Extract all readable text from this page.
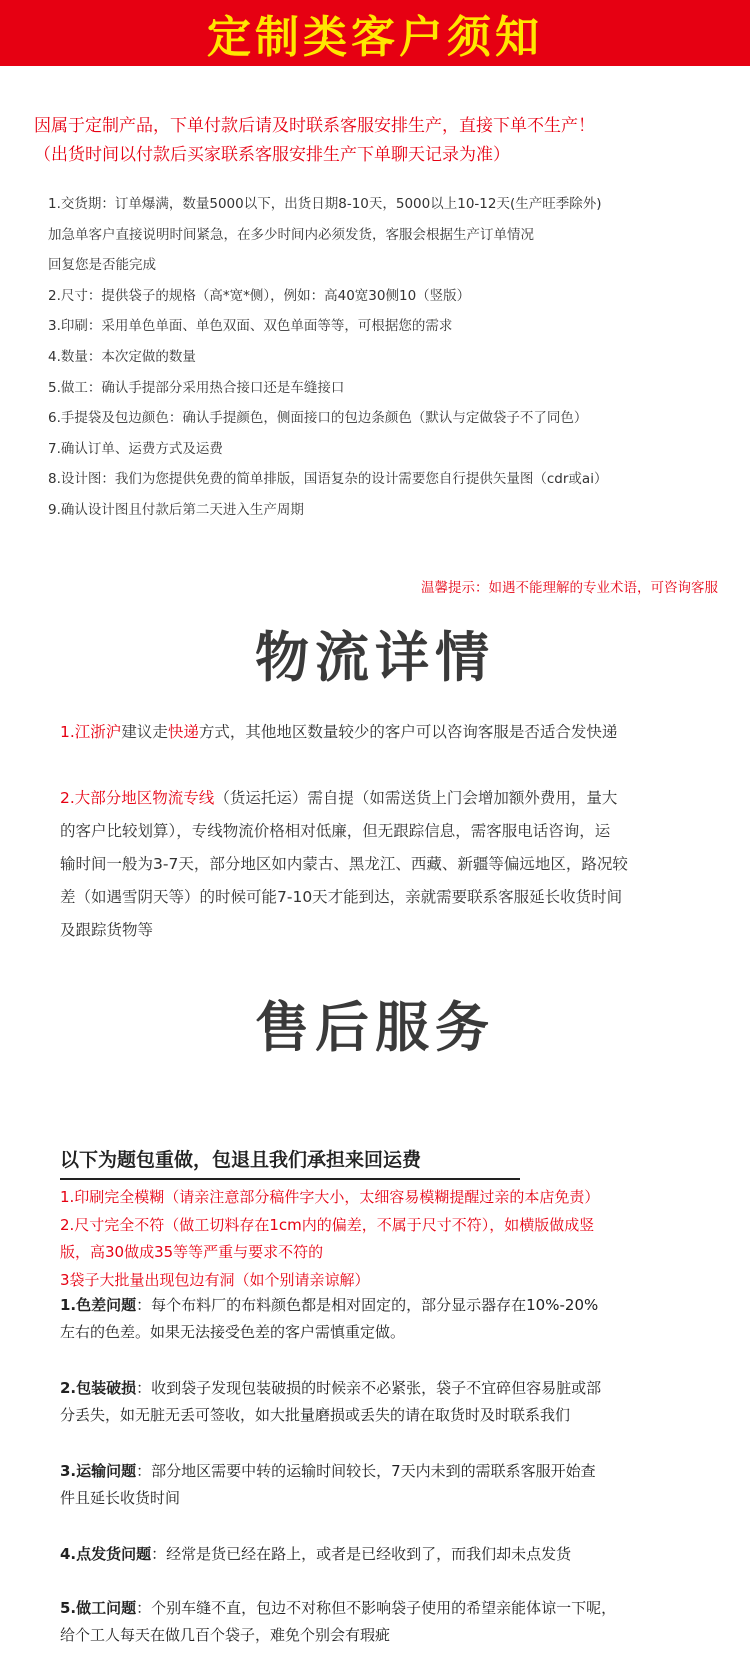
定制类客户须知
因属于定制产品，下单付款后请及时联系客服安排生产，直接下单不生产！
（出货时间以付款后买家联系客服安排生产下单聊天记录为准）
1.交货期：订单爆满，数量5000以下，出货日期8-10天，5000以上10-12天(生产旺季除外)
加急单客户直接说明时间紧急，在多少时间内必须发货，客服会根据生产订单情况
回复您是否能完成
2.尺寸：提供袋子的规格（高*宽*侧），例如：高40宽30侧10（竖版）
3.印刷：采用单色单面、单色双面、双色单面等等，可根据您的需求
4.数量：本次定做的数量
5.做工：确认手提部分采用热合接口还是车缝接口
6.手提袋及包边颜色：确认手提颜色，侧面接口的包边条颜色（默认与定做袋子不了同色）
7.确认订单、运费方式及运费
8.设计图：我们为您提供免费的简单排版，国语复杂的设计需要您自行提供矢量图（cdr或ai）
9.确认设计图且付款后第二天进入生产周期
温馨提示：如遇不能理解的专业术语，可咨询客服
物流详情
1.江浙沪建议走快递方式，其他地区数量较少的客户可以咨询客服是否适合发快递
2.大部分地区物流专线（货运托运）需自提（如需送货上门会增加额外费用，量大
的客户比较划算），专线物流价格相对低廉，但无跟踪信息，需客服电话咨询，运
输时间一般为3-7天，部分地区如内蒙古、黑龙江、西藏、新疆等偏远地区，路况较
差（如遇雪阴天等）的时候可能7-10天才能到达，亲就需要联系客服延长收货时间
及跟踪货物等
售后服务
以下为题包重做，包退且我们承担来回运费
1.印刷完全模糊（请亲注意部分稿件字大小，太细容易模糊提醒过亲的本店免责）
2.尺寸完全不符（做工切料存在1cm内的偏差，不属于尺寸不符），如横版做成竖
版，高30做成35等等严重与要求不符的
3袋子大批量出现包边有洞（如个别请亲谅解）
1.色差问题：每个布料厂的布料颜色都是相对固定的，部分显示器存在10%-20%
左右的色差。如果无法接受色差的客户需慎重定做。
2.包装破损：收到袋子发现包装破损的时候亲不必紧张，袋子不宜碎但容易脏或部
分丢失，如无脏无丢可签收，如大批量磨损或丢失的请在取货时及时联系我们
3.运输问题：部分地区需要中转的运输时间较长，7天内未到的需联系客服开始查
件且延长收货时间
4.点发货问题：经常是货已经在路上，或者是已经收到了，而我们却未点发货
5.做工问题：个别车缝不直，包边不对称但不影响袋子使用的希望亲能体谅一下呢，
给个工人每天在做几百个袋子，难免个别会有瑕疵
